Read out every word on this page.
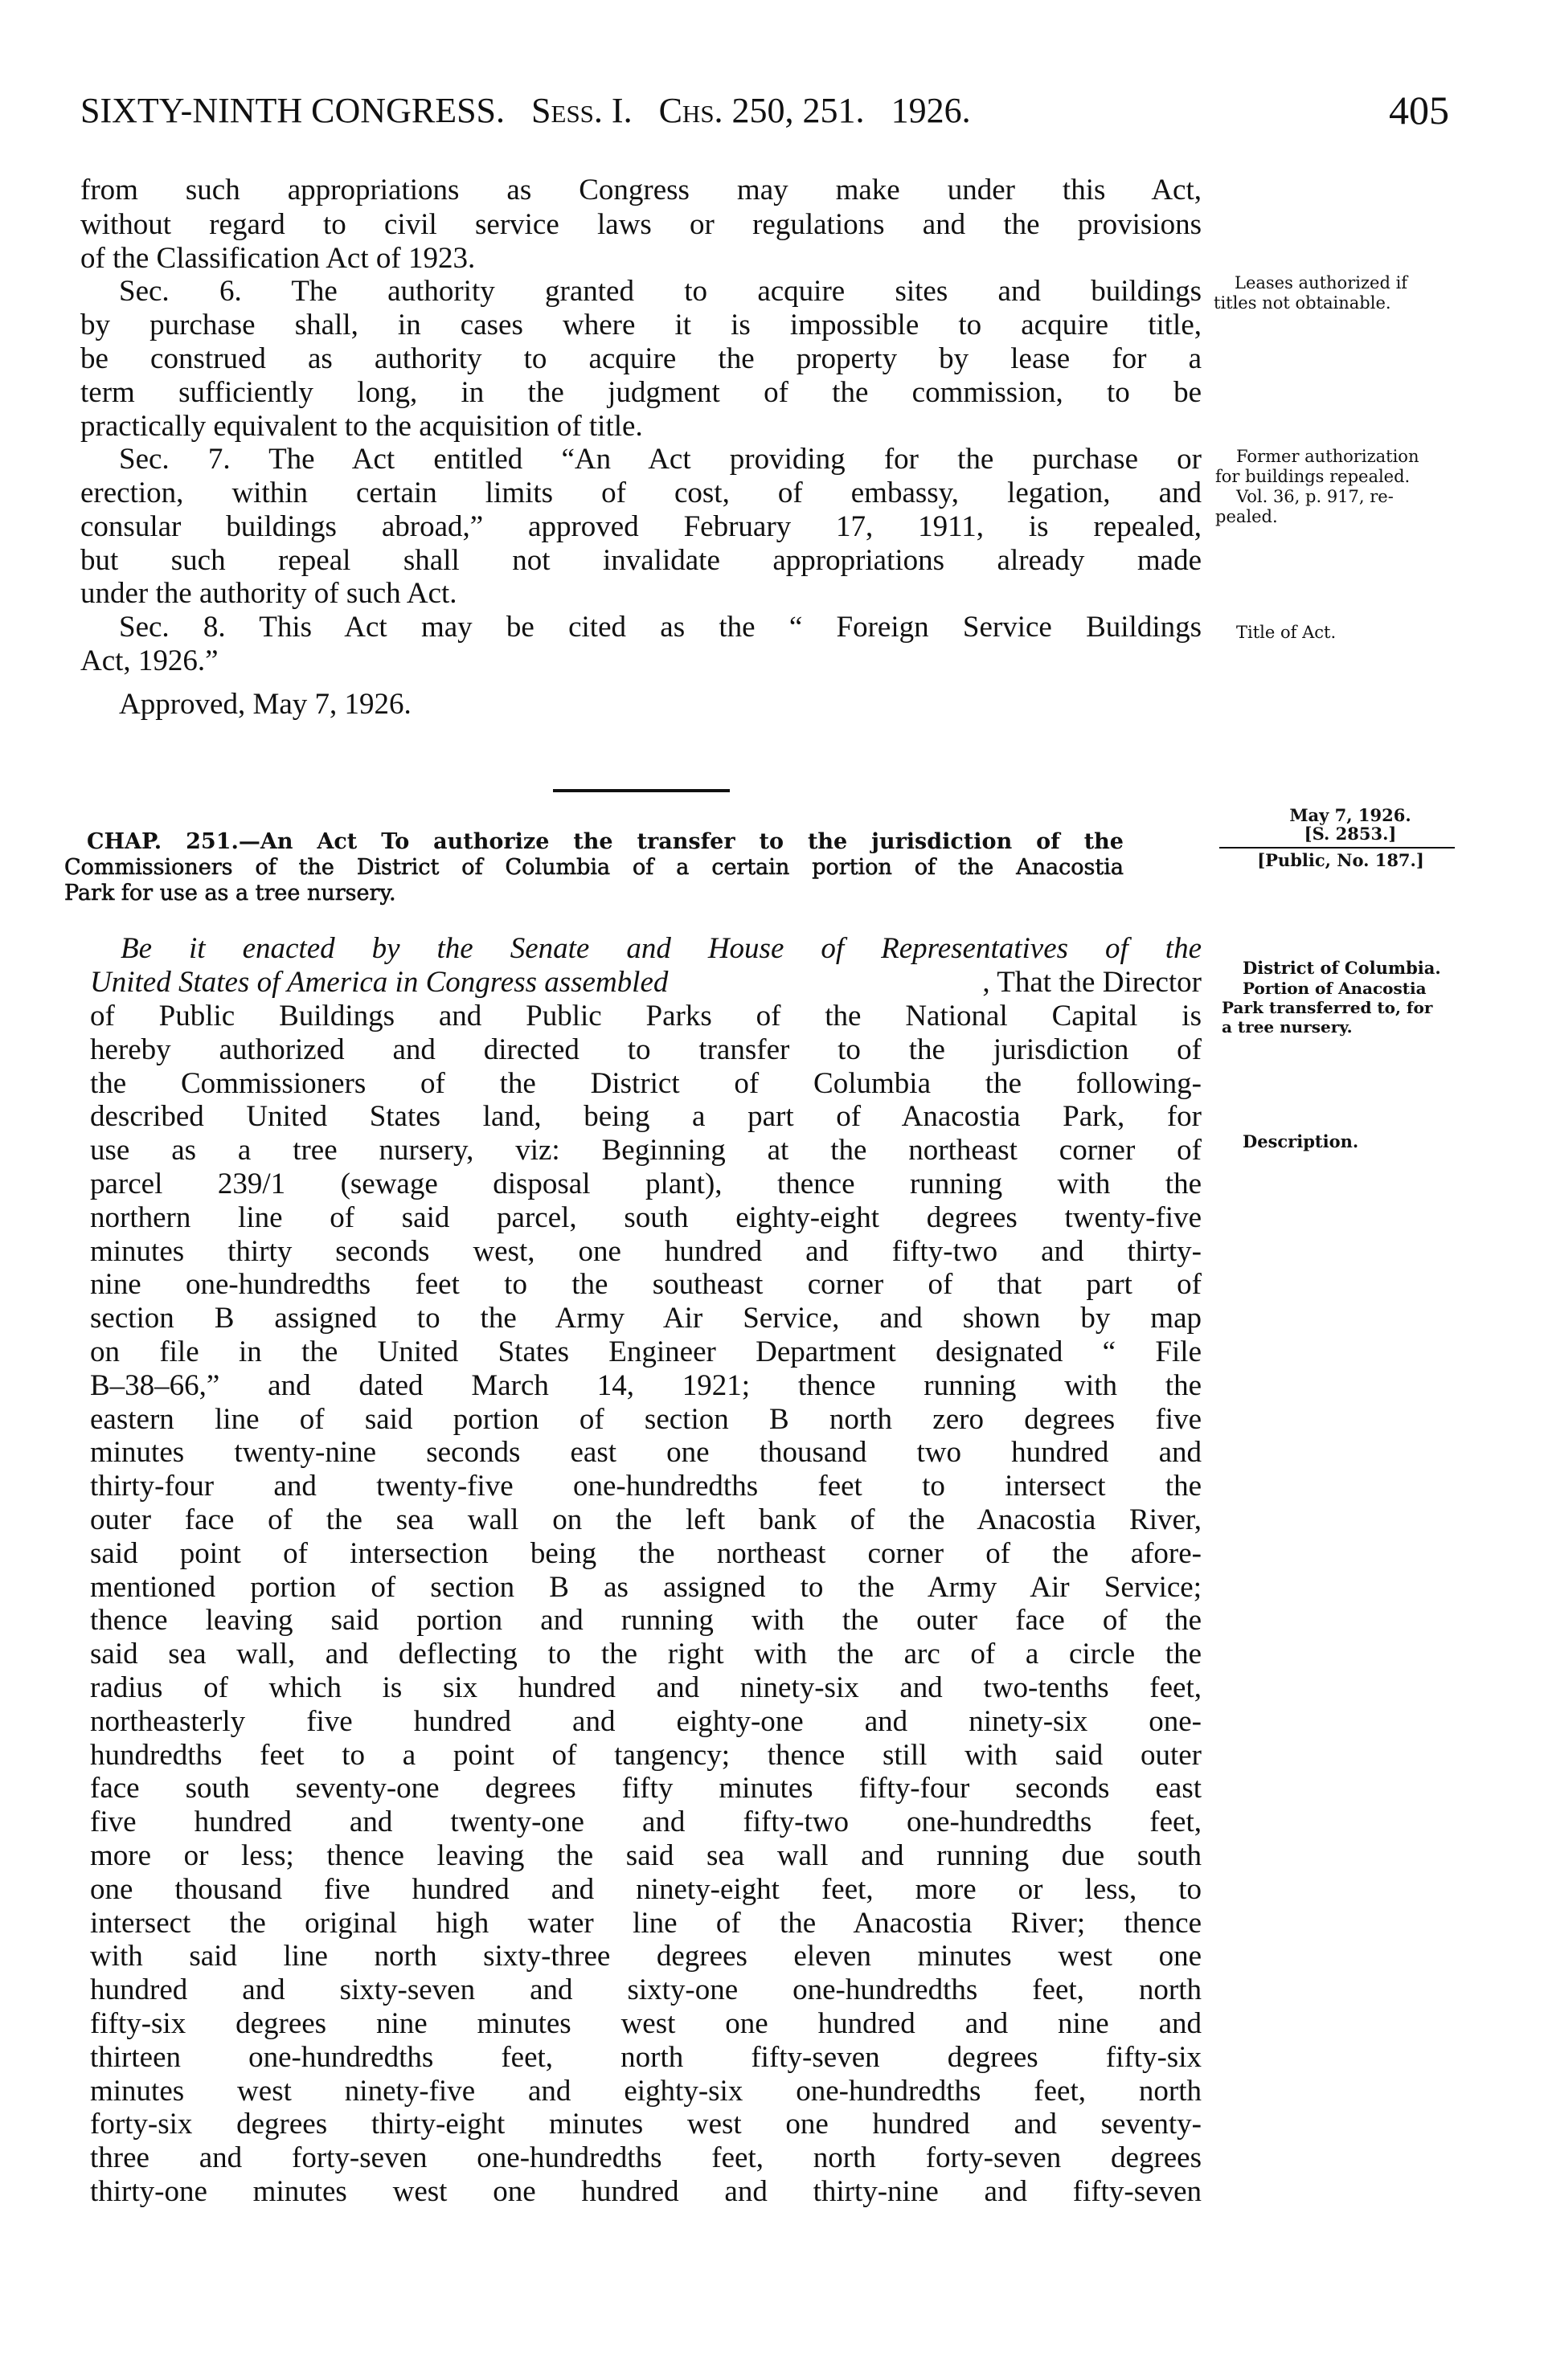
SIXTY-NINTH CONGRESS. Sess. I. Chs. 250, 251. 1926.	405
from such appropriations as Congress may make under this Act,
without regard to civil service laws or regulations and the provisions
of the Classification Act of 1923.
Sec. 6. The authority granted to acquire sites and buildings
by purchase shall, in cases where it is impossible to acquire title,
be construed as authority to acquire the property by lease for a
term sufficiently long, in the judgment of the commission, to be
practically equivalent to the acquisition of title.
Sec. 7. The Act entitled “An Act providing for the purchase or
erection, within certain limits of cost, of embassy, legation, and
consular buildings abroad,” approved February 17, 1911, is repealed,
but such repeal shall not invalidate appropriations already made
under the authority of such Act.
Sec. 8. This Act may be cited as the “ Foreign Service Buildings
Act, 1926.”
Approved, May 7, 1926.
Leases authorized if
titles not obtainable.
Former authorization
for buildings repealed.
Vol. 36, p. 917, re-
pealed.
Title of Act.
CHAP. 251.—An Act To authorize the transfer to the jurisdiction of the
Commissioners of the District of Columbia of a certain portion of the Anacostia
Park for use as a tree nursery.
May 7, 1926.
[S. 2853.]
[Public, No. 187.]
Be it enacted by the Senate and House of Representatives of the
United States of America in Congress assembled	, That the Director
of Public Buildings and Public Parks of the National Capital is
hereby authorized and directed to transfer to the jurisdiction of
the Commissioners of the District of Columbia the following-
described United States land, being a part of Anacostia Park, for
use as a tree nursery, viz: Beginning at the northeast corner of
parcel 239/1 (sewage disposal plant), thence running with the
northern line of said parcel, south eighty-eight degrees twenty-five
minutes thirty seconds west, one hundred and fifty-two and thirty-
nine one-hundredths feet to the southeast corner of that part of
section B assigned to the Army Air Service, and shown by map
on file in the United States Engineer Department designated “ File
B–38–66,” and dated March 14, 1921; thence running with the
eastern line of said portion of section B north zero degrees five
minutes twenty-nine seconds east one thousand two hundred and
thirty-four and twenty-five one-hundredths feet to intersect the
outer face of the sea wall on the left bank of the Anacostia River,
said point of intersection being the northeast corner of the afore-
mentioned portion of section B as assigned to the Army Air Service;
thence leaving said portion and running with the outer face of the
said sea wall, and deflecting to the right with the arc of a circle the
radius of which is six hundred and ninety-six and two-tenths feet,
northeasterly five hundred and eighty-one and ninety-six one-
hundredths feet to a point of tangency; thence still with said outer
face south seventy-one degrees fifty minutes fifty-four seconds east
five hundred and twenty-one and fifty-two one-hundredths feet,
more or less; thence leaving the said sea wall and running due south
one thousand five hundred and ninety-eight feet, more or less, to
intersect the original high water line of the Anacostia River; thence
with said line north sixty-three degrees eleven minutes west one
hundred and sixty-seven and sixty-one one-hundredths feet, north
fifty-six degrees nine minutes west one hundred and nine and
thirteen one-hundredths feet, north fifty-seven degrees fifty-six
minutes west ninety-five and eighty-six one-hundredths feet, north
forty-six degrees thirty-eight minutes west one hundred and seventy-
three and forty-seven one-hundredths feet, north forty-seven degrees
thirty-one minutes west one hundred and thirty-nine and fifty-seven
District of Columbia.
Portion of Anacostia
Park transferred to, for
a tree nursery.
Description.
